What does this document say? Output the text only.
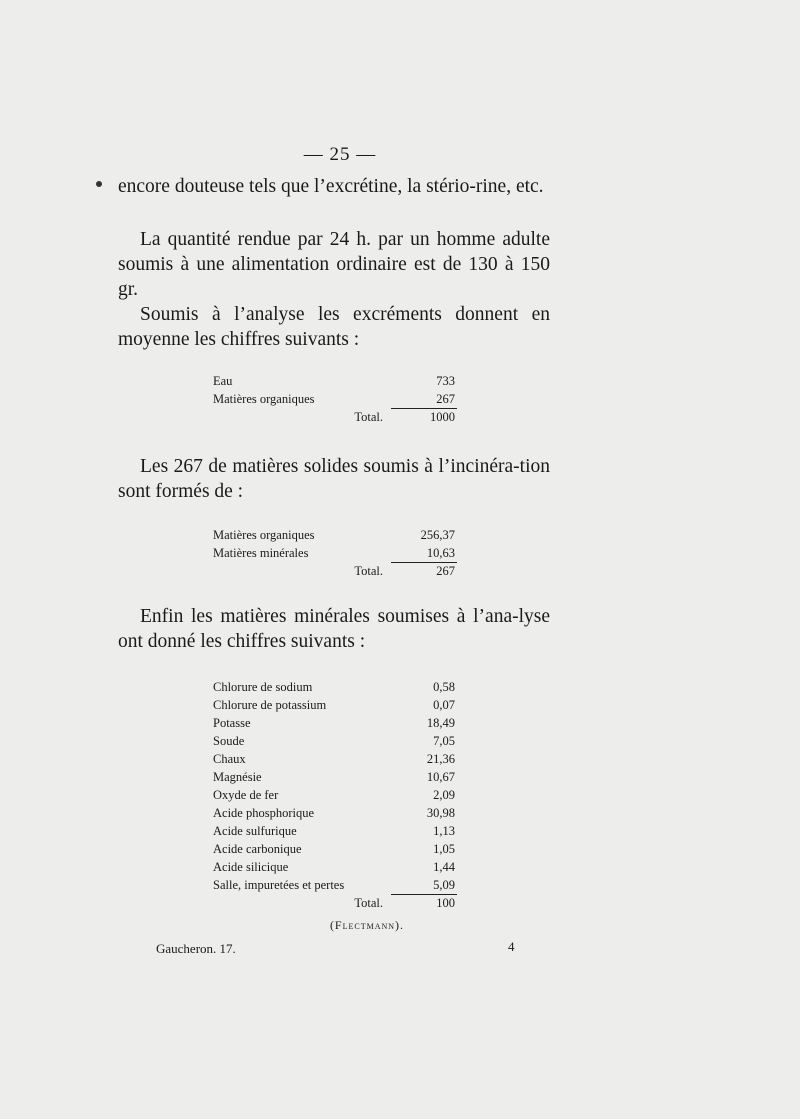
— 25 —

encore douteuse tels que l’excrétine, la stério-rine, etc.

La quantité rendue par 24 h. par un homme adulte soumis à une alimentation ordinaire est de 130 à 150 gr.

Soumis à l’analyse les excréments donnent en moyenne les chiffres suivants :

Eau	733
Matières organiques	267
Total.	1000

Les 267 de matières solides soumis à l’incinéra-tion sont formés de :

Matières organiques	256,37
Matières minérales	10,63
Total.	267

Enfin les matières minérales soumises à l’ana-lyse ont donné les chiffres suivants :

Chlorure de sodium	0,58
Chlorure de potassium	0,07
Potasse	18,49
Soude	7,05
Chaux	21,36
Magnésie	10,67
Oxyde de fer	2,09
Acide phosphorique	30,98
Acide sulfurique	1,13
Acide carbonique	1,05
Acide silicique	1,44
Salle, impuretées et pertes	5,09
Total.	100
(Flectmann).
Gaucheron. 17.	4
